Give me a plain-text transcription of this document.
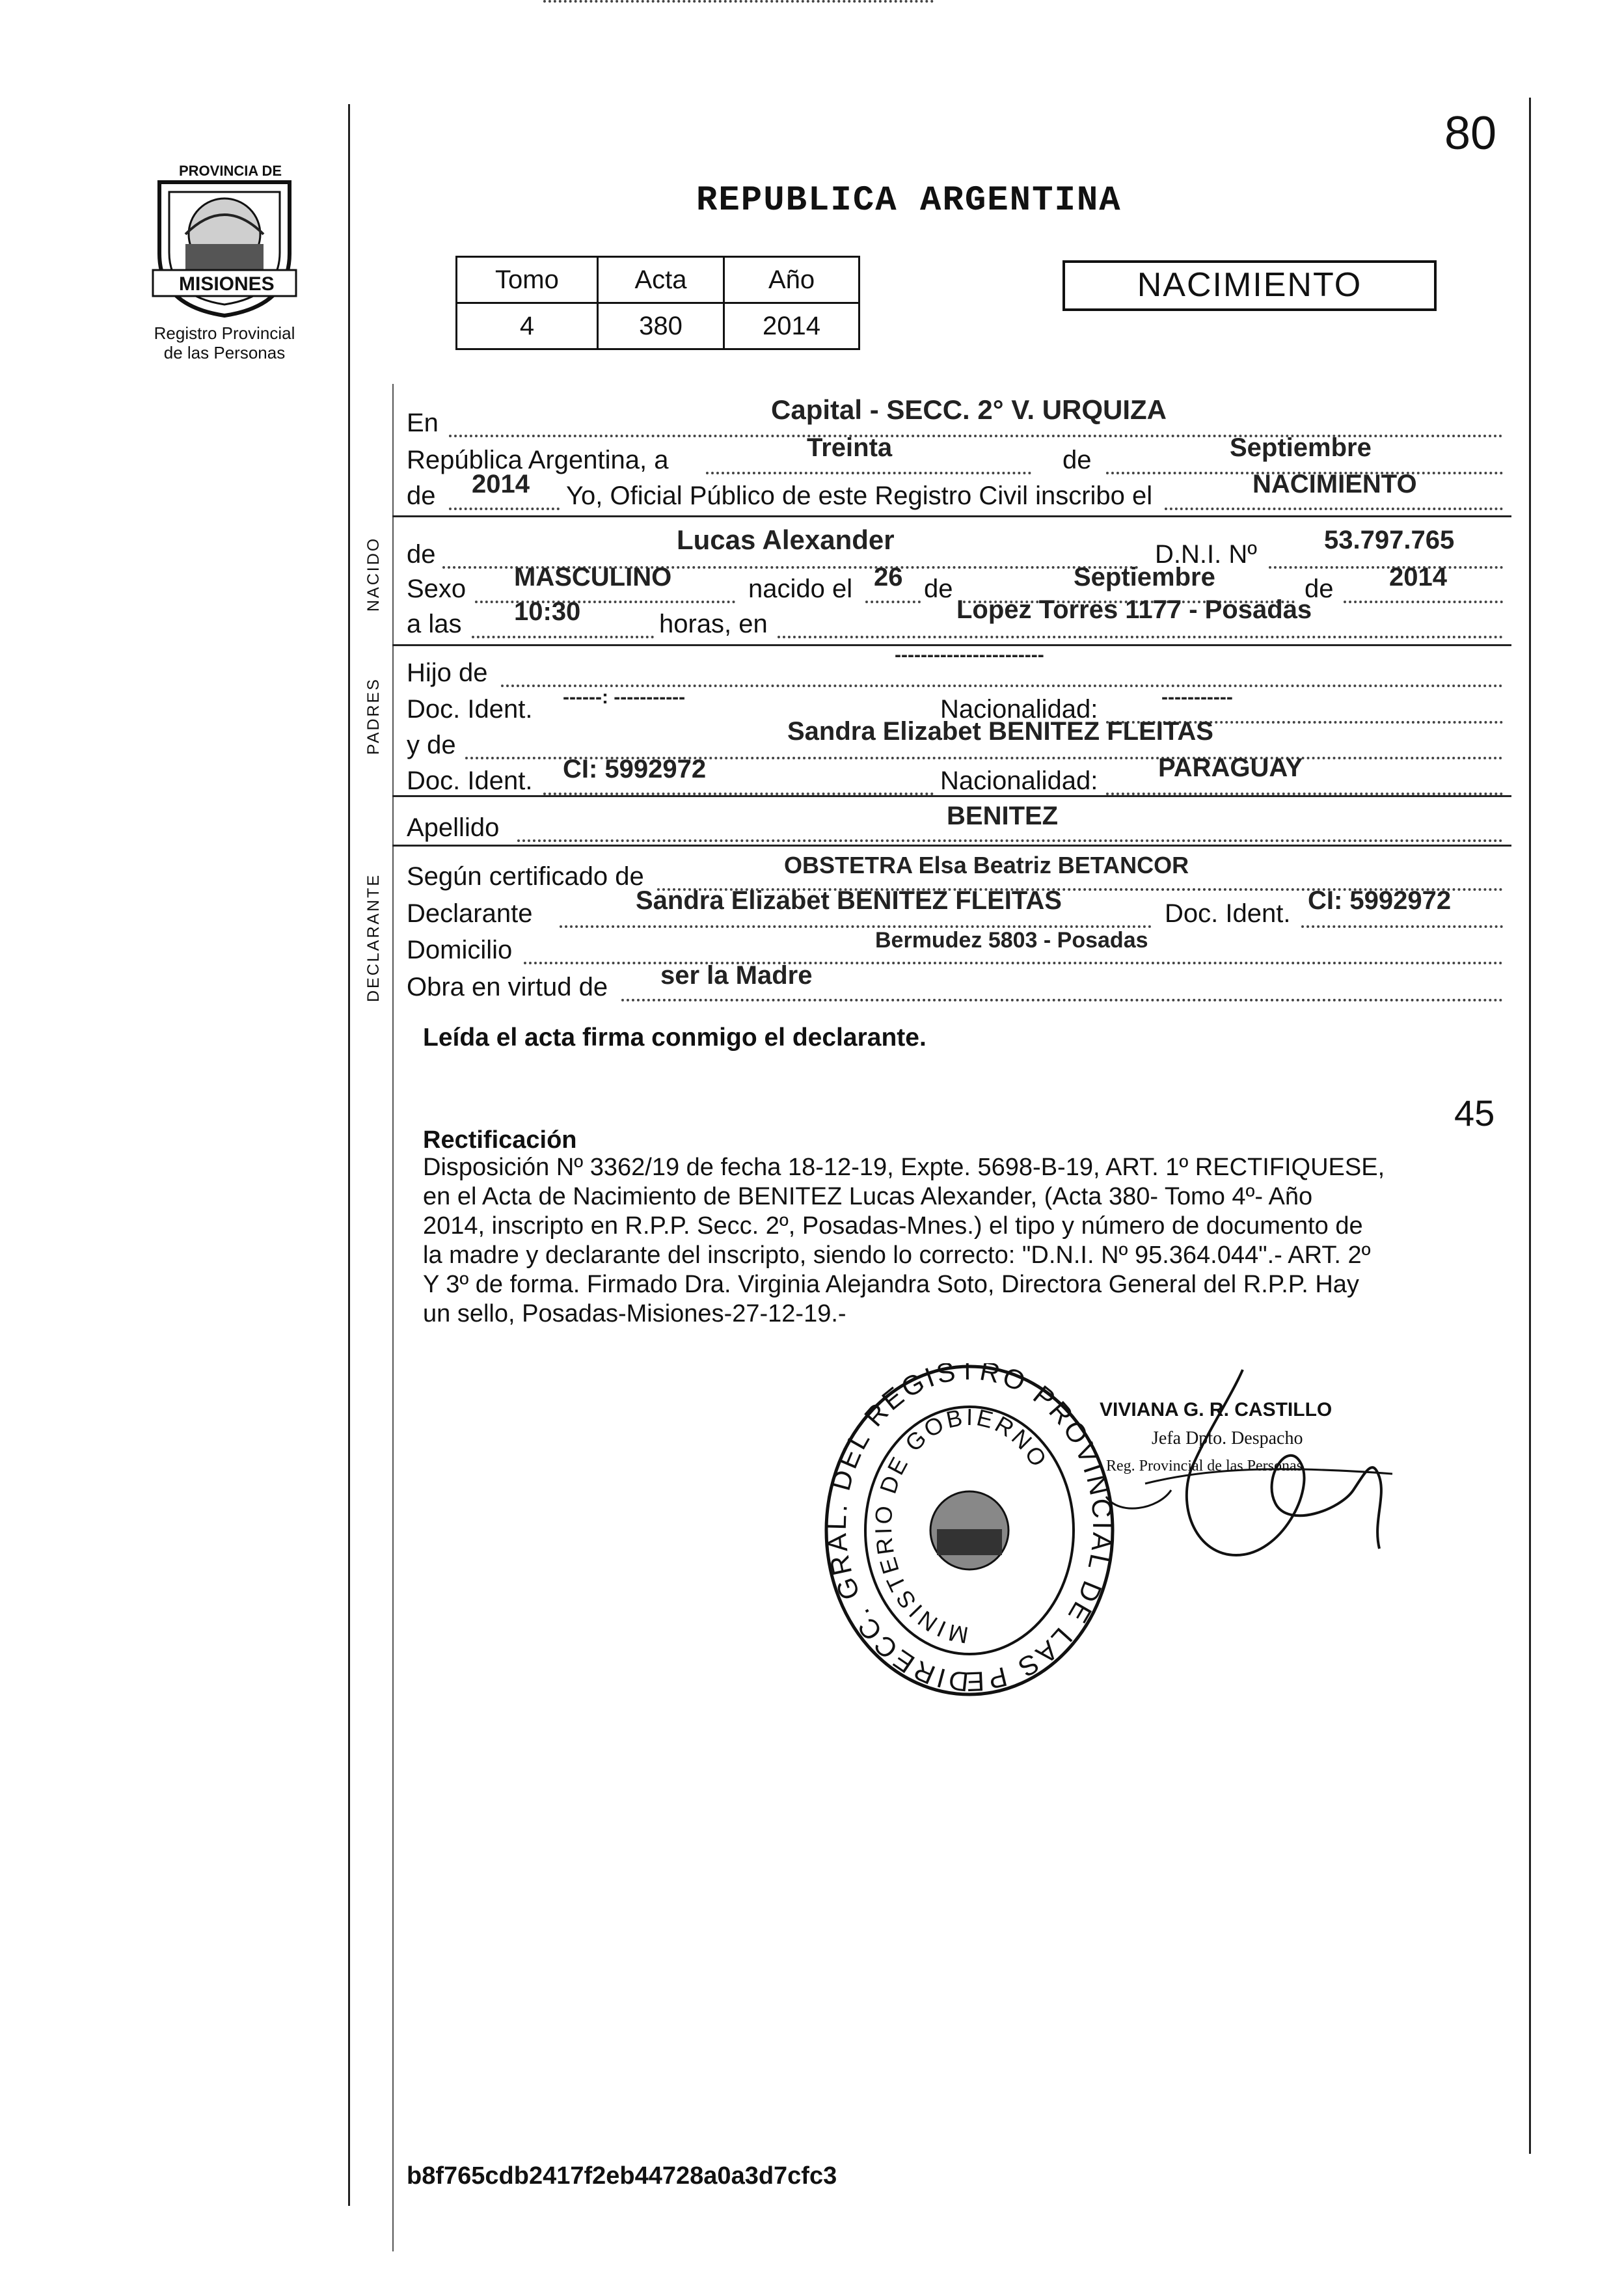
80
PROVINCIA DE
MISIONES
Registro Provincial
de las Personas
REPUBLICA ARGENTINA
Tomo	Acta	Año
4	380	2014
NACIMIENTO
En	Capital - SECC. 2° V. URQUIZA
República Argentina, a	Treinta	de	Septiembre
de 2014 Yo, Oficial Público de este Registro Civil inscribo el	NACIMIENTO
NACIDO de	Lucas Alexander	D.N.I. Nº	53.797.765
Sexo MASCULINO	nacido el 26 de	Septiembre	de 2014
a las 10:30	horas, en	Lopez Torres 1177 - Posadas
PADRES
Hijo de
-----------------------
Doc. Ident. ------: -----------	Nacionalidad:	-----------
y de	Sandra Elizabet BENITEZ FLEITAS
Doc. Ident. CI: 5992972	Nacionalidad: PARAGUAY
Apellido	BENITEZ
DECLARANTE Según certificado de	OBSTETRA Elsa Beatriz BETANCOR
Declarante	Sandra Elizabet BENITEZ FLEITAS	Doc. Ident. CI: 5992972
Domicilio	Bermudez 5803 - Posadas
Obra en virtud de ser la Madre
Leída el acta firma conmigo el declarante.
45
Rectificación
Disposición Nº 3362/19 de fecha 18-12-19, Expte. 5698-B-19, ART. 1º RECTIFIQUESE,
en el Acta de Nacimiento de BENITEZ Lucas Alexander, (Acta 380- Tomo 4º- Año
2014, inscripto en R.P.P. Secc. 2º, Posadas-Mnes.) el tipo y número de documento de
la madre y declarante del inscripto, siendo lo correcto: "D.N.I. Nº 95.364.044".- ART. 2º
Y 3º de forma. Firmado Dra. Virginia Alejandra Soto, Directora General del R.P.P. Hay
un sello, Posadas-Misiones-27-12-19.-
DIRECC. GRAL. DEL REGISTRO PROVINCIAL DE LAS PE
MINISTERIO DE GOBIERNO
VIVIANA G. R. CASTILLO
Jefa Dpto. Despacho
Reg. Provincial de las Personas
b8f765cdb2417f2eb44728a0a3d7cfc3
